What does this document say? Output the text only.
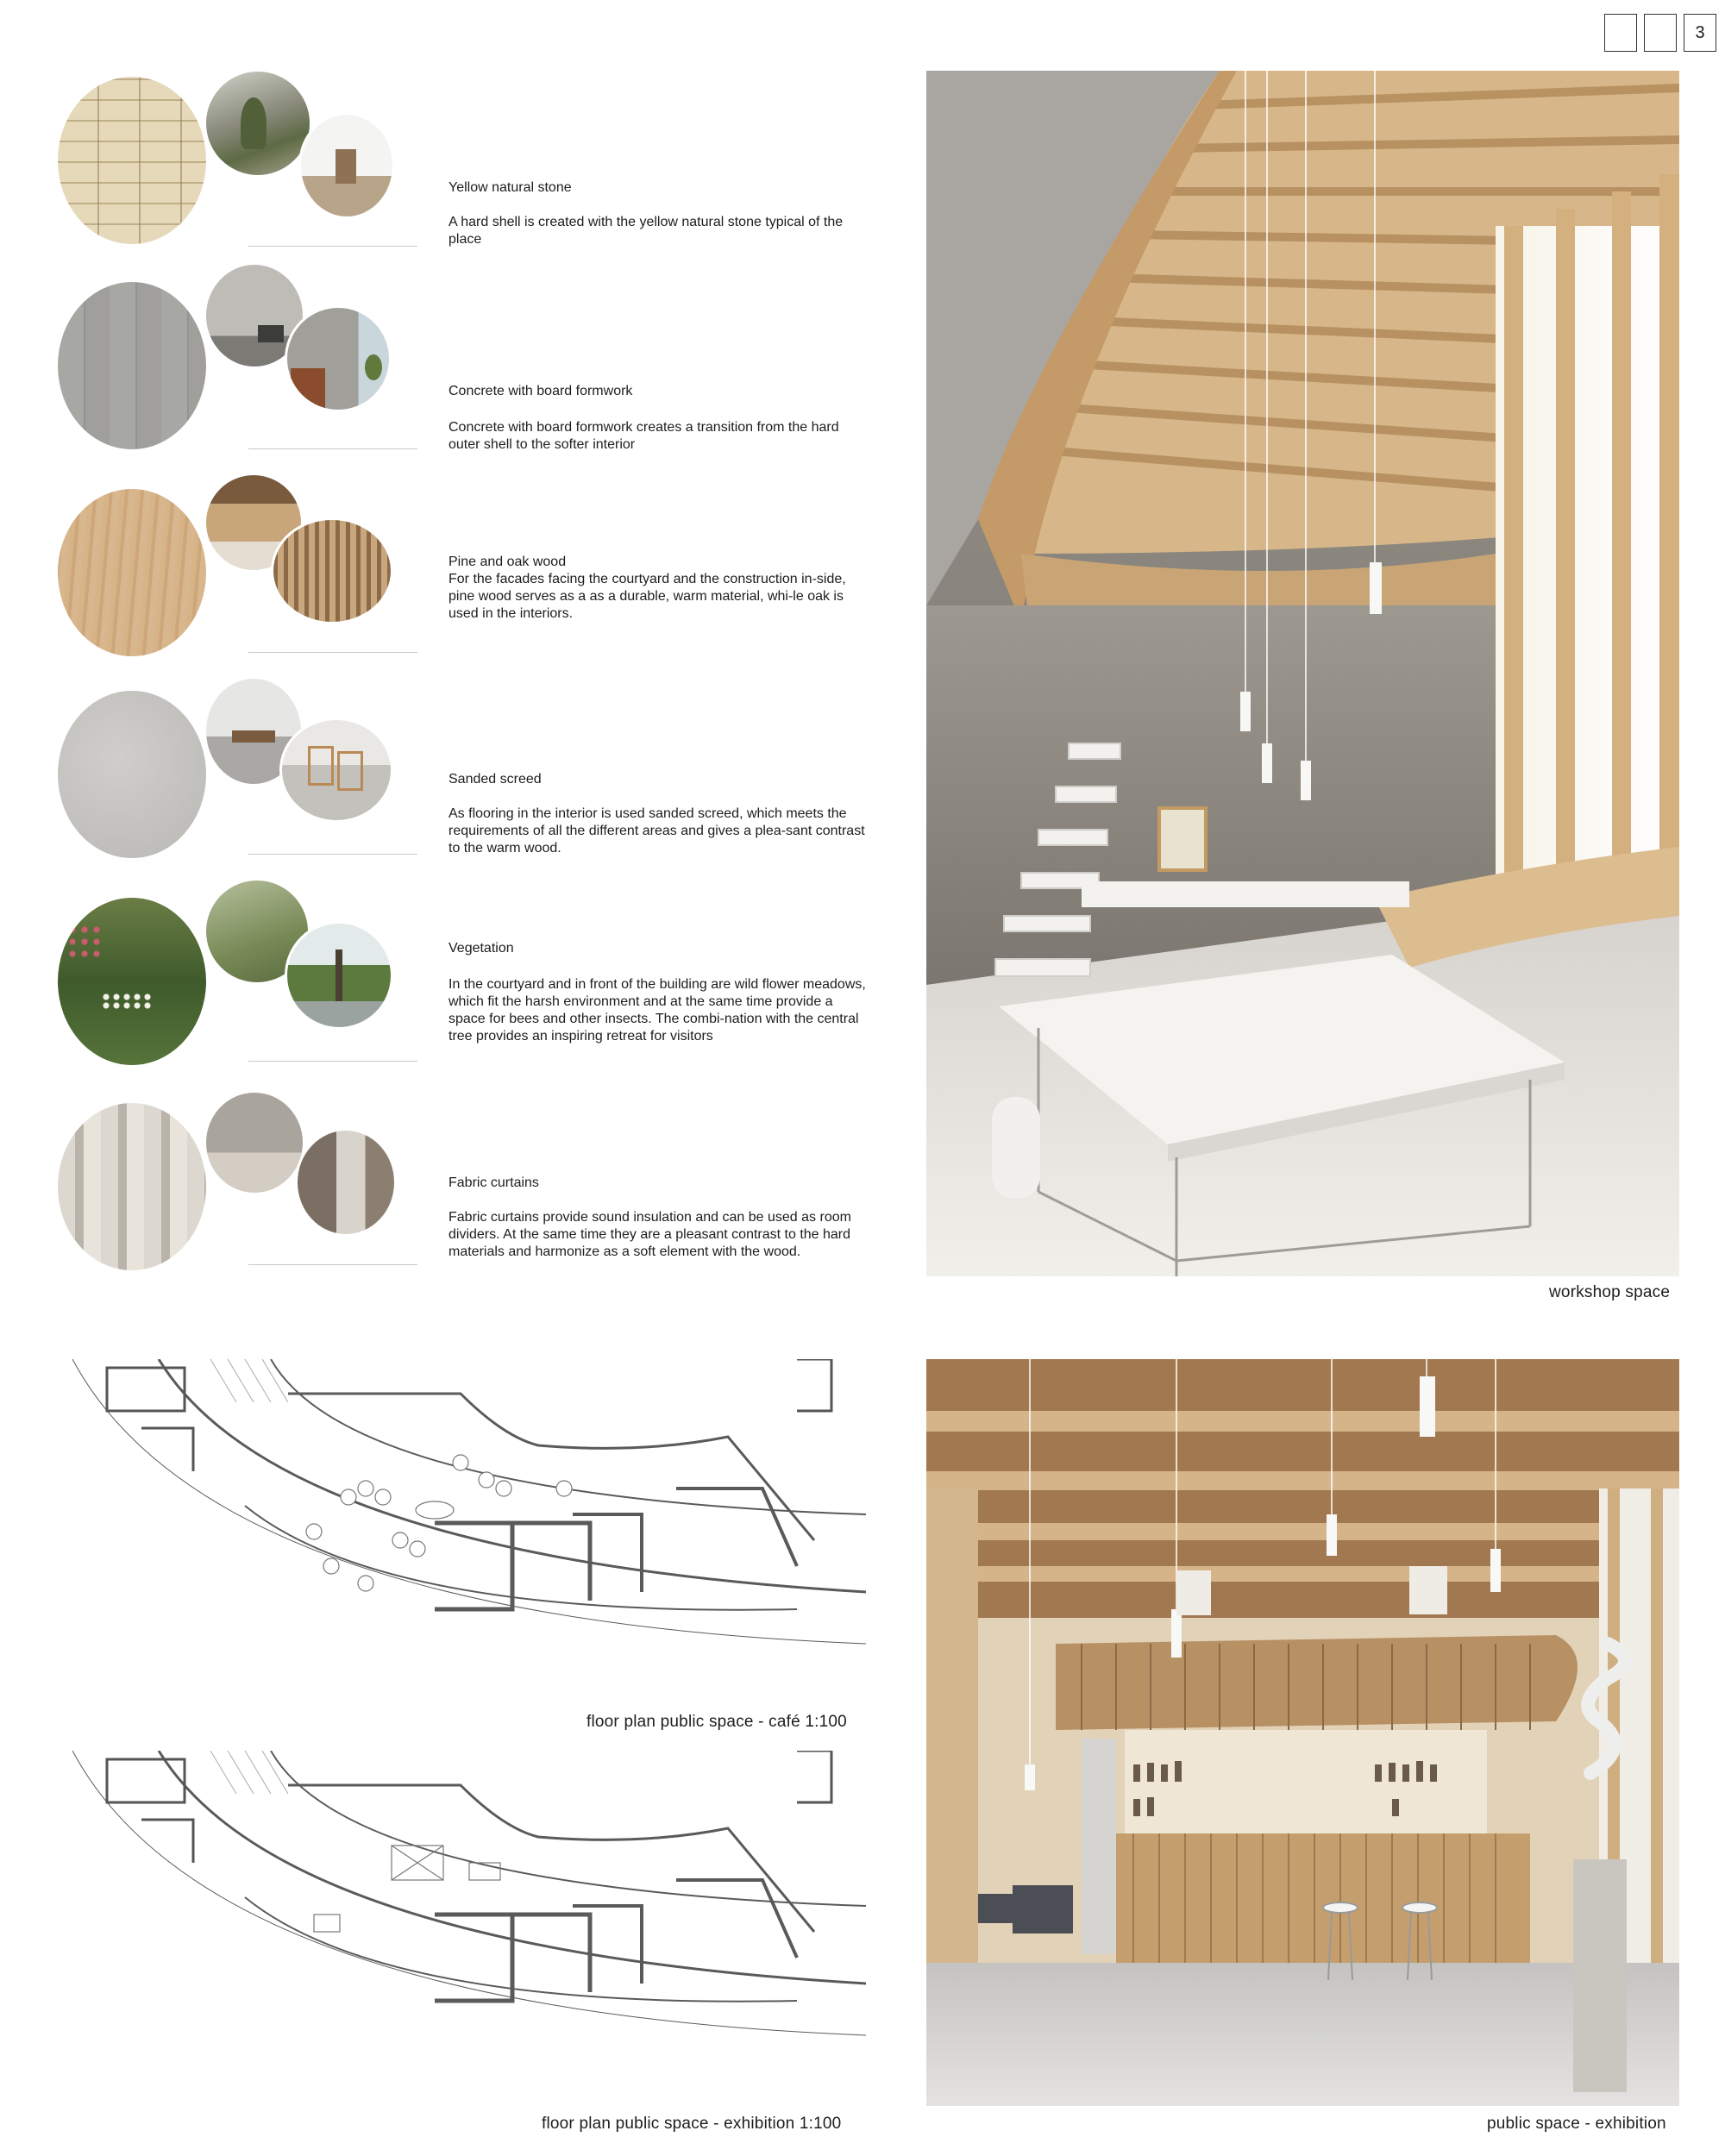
3
Yellow natural stone
A hard shell is created with the yellow natural stone typical of the place
Concrete with board formwork
Concrete with board formwork creates a transition from the hard outer shell to the softer interior
Pine and oak wood
For the facades facing the courtyard and the construction in-side, pine wood serves as a as a durable, warm material, whi-le oak is used in the interiors.
Sanded screed
As flooring in the interior is used sanded screed, which meets the requirements of all the different areas and gives a plea-sant contrast to the warm wood.
Vegetation
In the courtyard and in front of the building are wild flower meadows, which fit the harsh environment and at the same time provide a space for bees and other insects. The combi-nation with the central tree provides an inspiring retreat for visitors
Fabric curtains
Fabric curtains provide sound insulation and can be used as room dividers. At the same time they are a pleasant contrast to the hard materials and harmonize as a soft element with the wood.
workshop space
floor plan public space - café 1:100
floor plan public space - exhibition 1:100	public space - exhibition
